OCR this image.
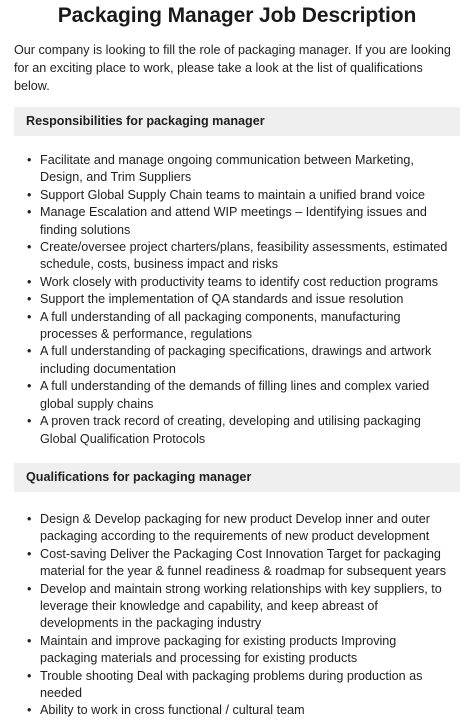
Packaging Manager Job Description

Our company is looking to fill the role of packaging manager. If you are looking for an exciting place to work, please take a look at the list of qualifications below.

Responsibilities for packaging manager
• Facilitate and manage ongoing communication between Marketing, Design, and Trim Suppliers
• Support Global Supply Chain teams to maintain a unified brand voice
• Manage Escalation and attend WIP meetings – Identifying issues and finding solutions
• Create/oversee project charters/plans, feasibility assessments, estimated schedule, costs, business impact and risks
• Work closely with productivity teams to identify cost reduction programs
• Support the implementation of QA standards and issue resolution
• A full understanding of all packaging components, manufacturing processes & performance, regulations
• A full understanding of packaging specifications, drawings and artwork including documentation
• A full understanding of the demands of filling lines and complex varied global supply chains
• A proven track record of creating, developing and utilising packaging Global Qualification Protocols
Qualifications for packaging manager
• Design & Develop packaging for new product Develop inner and outer packaging according to the requirements of new product development
• Cost-saving Deliver the Packaging Cost Innovation Target for packaging material for the year & funnel readiness & roadmap for subsequent years
• Develop and maintain strong working relationships with key suppliers, to leverage their knowledge and capability, and keep abreast of developments in the packaging industry
• Maintain and improve packaging for existing products Improving packaging materials and processing for existing products
• Trouble shooting Deal with packaging problems during production as needed
• Ability to work in cross functional / cultural team
